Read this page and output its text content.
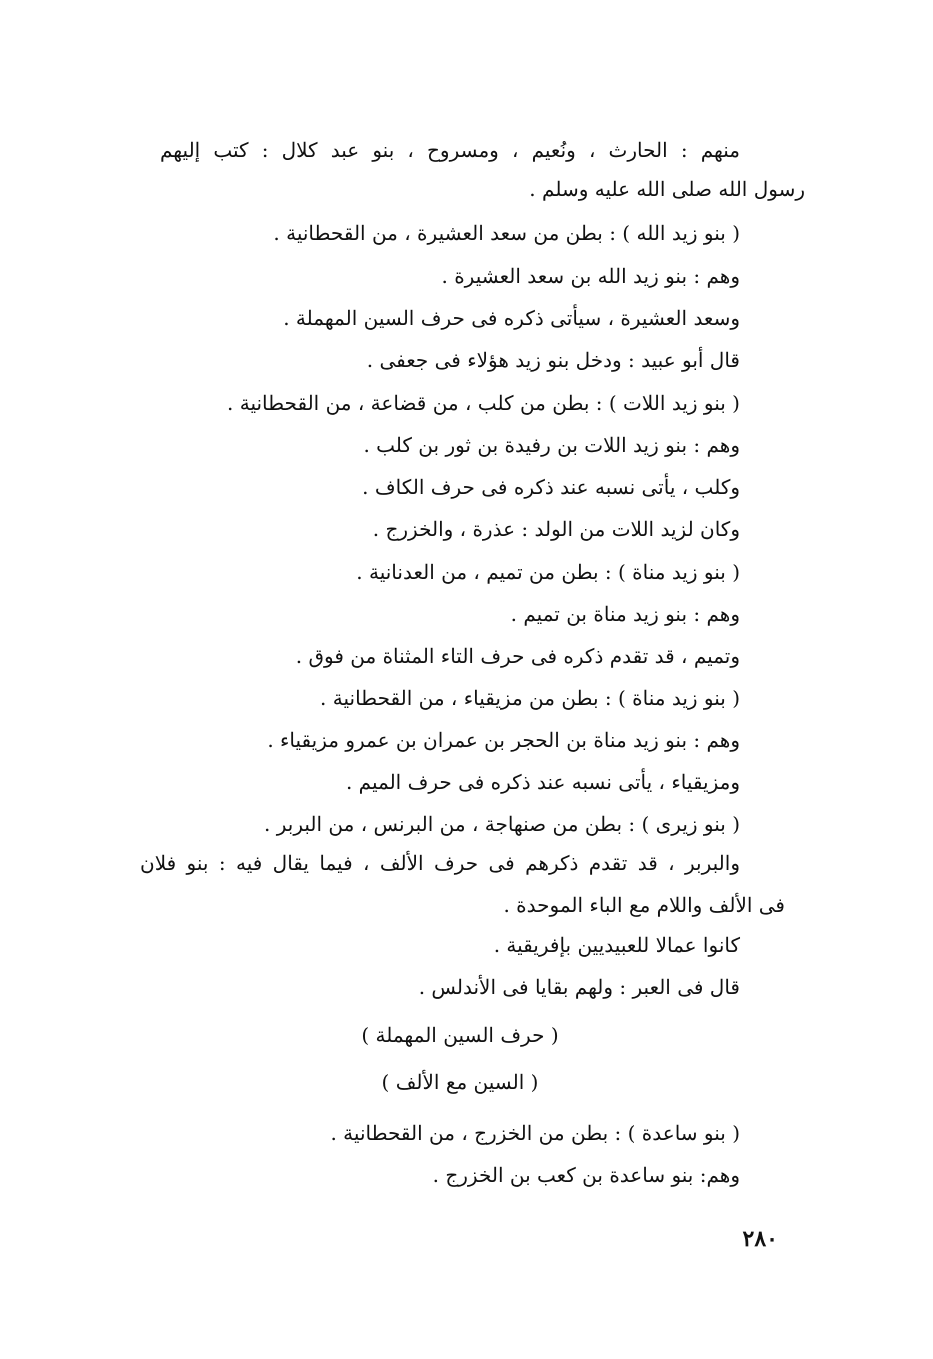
منهم : الحارث ، ونُعيم ، ومسروح ، بنو عبد كلال : كتب إليهم
رسول الله صلى الله عليه وسلم .
( بنو زيد الله ) : بطن من سعد العشيرة ، من القحطانية .
وهم : بنو زيد الله بن سعد العشيرة .
وسعد العشيرة ، سيأتى ذكره فى حرف السين المهملة .
قال أبو عبيد : ودخل بنو زيد هؤلاء فى جعفى .
( بنو زيد اللات ) : بطن من كلب ، من قضاعة ، من القحطانية .
وهم : بنو زيد اللات بن رفيدة بن ثور بن كلب .
وكلب ، يأتى نسبه عند ذكره فى حرف الكاف .
وكان لزيد اللات من الولد : عذرة ، والخزرج .
( بنو زيد مناة ) : بطن من تميم ، من العدنانية .
وهم : بنو زيد مناة بن تميم .
وتميم ، قد تقدم ذكره فى حرف التاء المثناة من فوق .
( بنو زيد مناة ) : بطن من مزيقياء ، من القحطانية .
وهم : بنو زيد مناة بن الحجر بن عمران بن عمرو مزيقياء .
ومزيقياء ، يأتى نسبه عند ذكره فى حرف الميم .
( بنو زيرى ) : بطن من صنهاجة ، من البرنس ، من البربر .
والبربر ، قد تقدم ذكرهم فى حرف الألف ، فيما يقال فيه : بنو فلان
فى الألف واللام مع الباء الموحدة .
كانوا عمالا للعبيديين بإفريقية .
قال فى العبر : ولهم بقايا فى الأندلس .
( حرف السين المهملة )
( السين مع الألف )
( بنو ساعدة ) : بطن من الخزرج ، من القحطانية .
وهم: بنو ساعدة بن كعب بن الخزرج .
٢٨٠
